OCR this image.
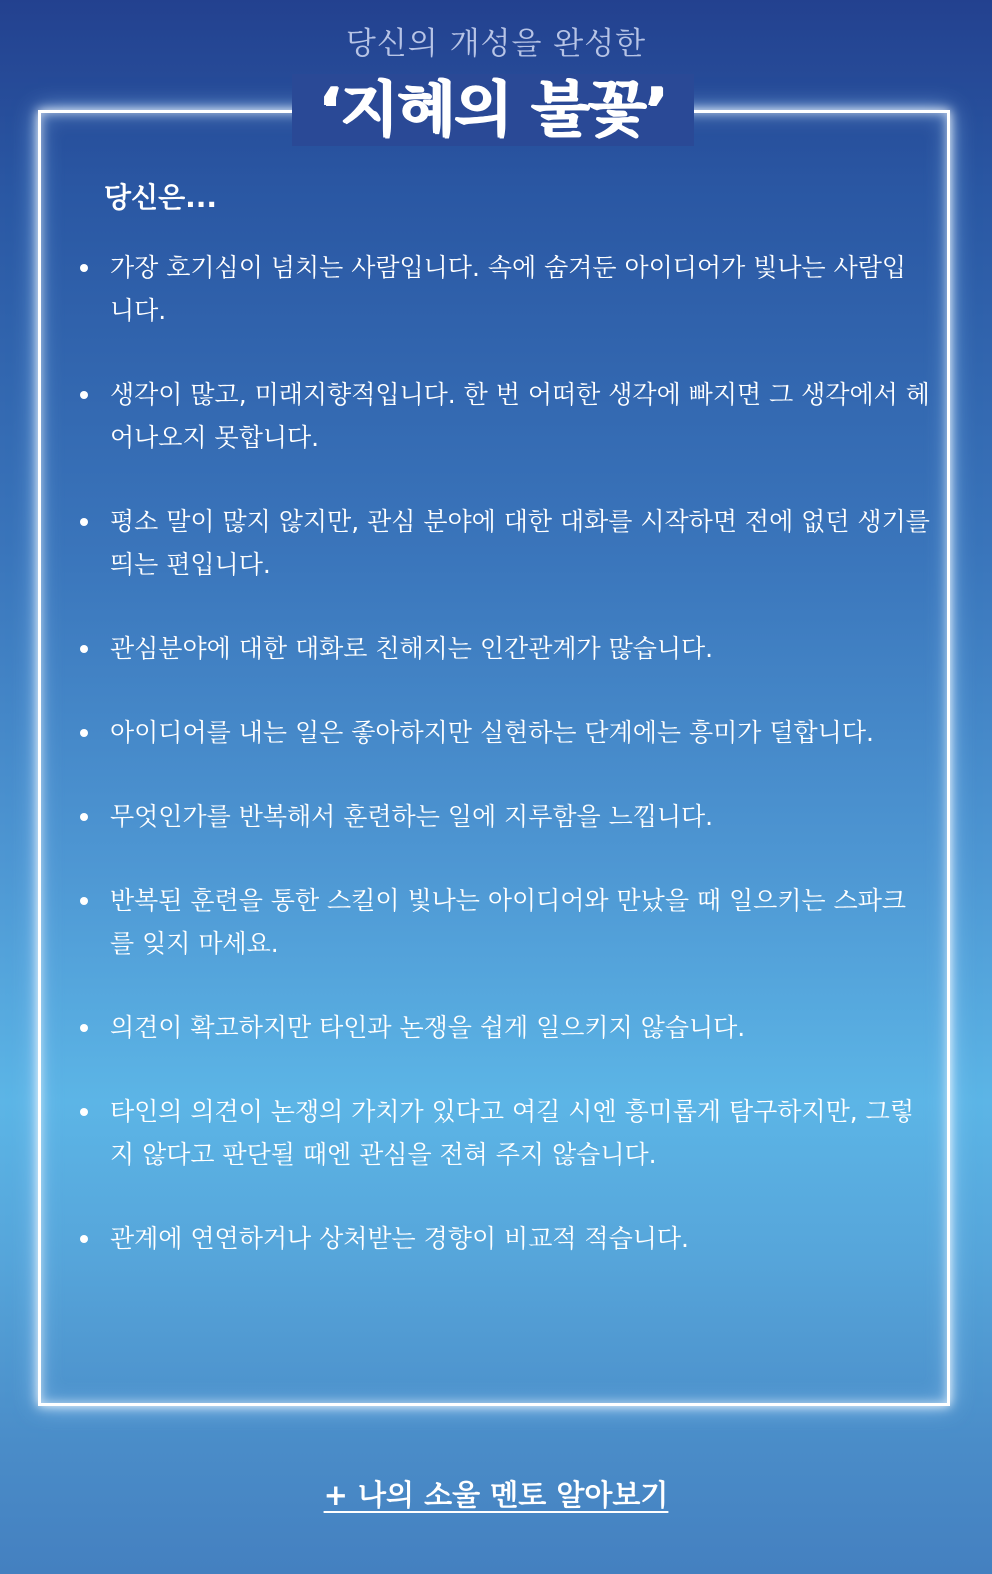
당신의 개성을 완성한
‘지혜의 불꽃’
당신은...
가장 호기심이 넘치는 사람입니다. 속에 숨겨둔 아이디어가 빛나는 사람입니다.
생각이 많고, 미래지향적입니다. 한 번 어떠한 생각에 빠지면 그 생각에서 헤어나오지 못합니다.
평소 말이 많지 않지만, 관심 분야에 대한 대화를 시작하면 전에 없던 생기를 띄는 편입니다.
관심분야에 대한 대화로 친해지는 인간관계가 많습니다.
아이디어를 내는 일은 좋아하지만 실현하는 단계에는 흥미가 덜합니다.
무엇인가를 반복해서 훈련하는 일에 지루함을 느낍니다.
반복된 훈련을 통한 스킬이 빛나는 아이디어와 만났을 때 일으키는 스파크를 잊지 마세요.
의견이 확고하지만 타인과 논쟁을 쉽게 일으키지 않습니다.
타인의 의견이 논쟁의 가치가 있다고 여길 시엔 흥미롭게 탐구하지만, 그렇지 않다고 판단될 때엔 관심을 전혀 주지 않습니다.
관계에 연연하거나 상처받는 경향이 비교적 적습니다.
+ 나의 소울 멘토 알아보기
